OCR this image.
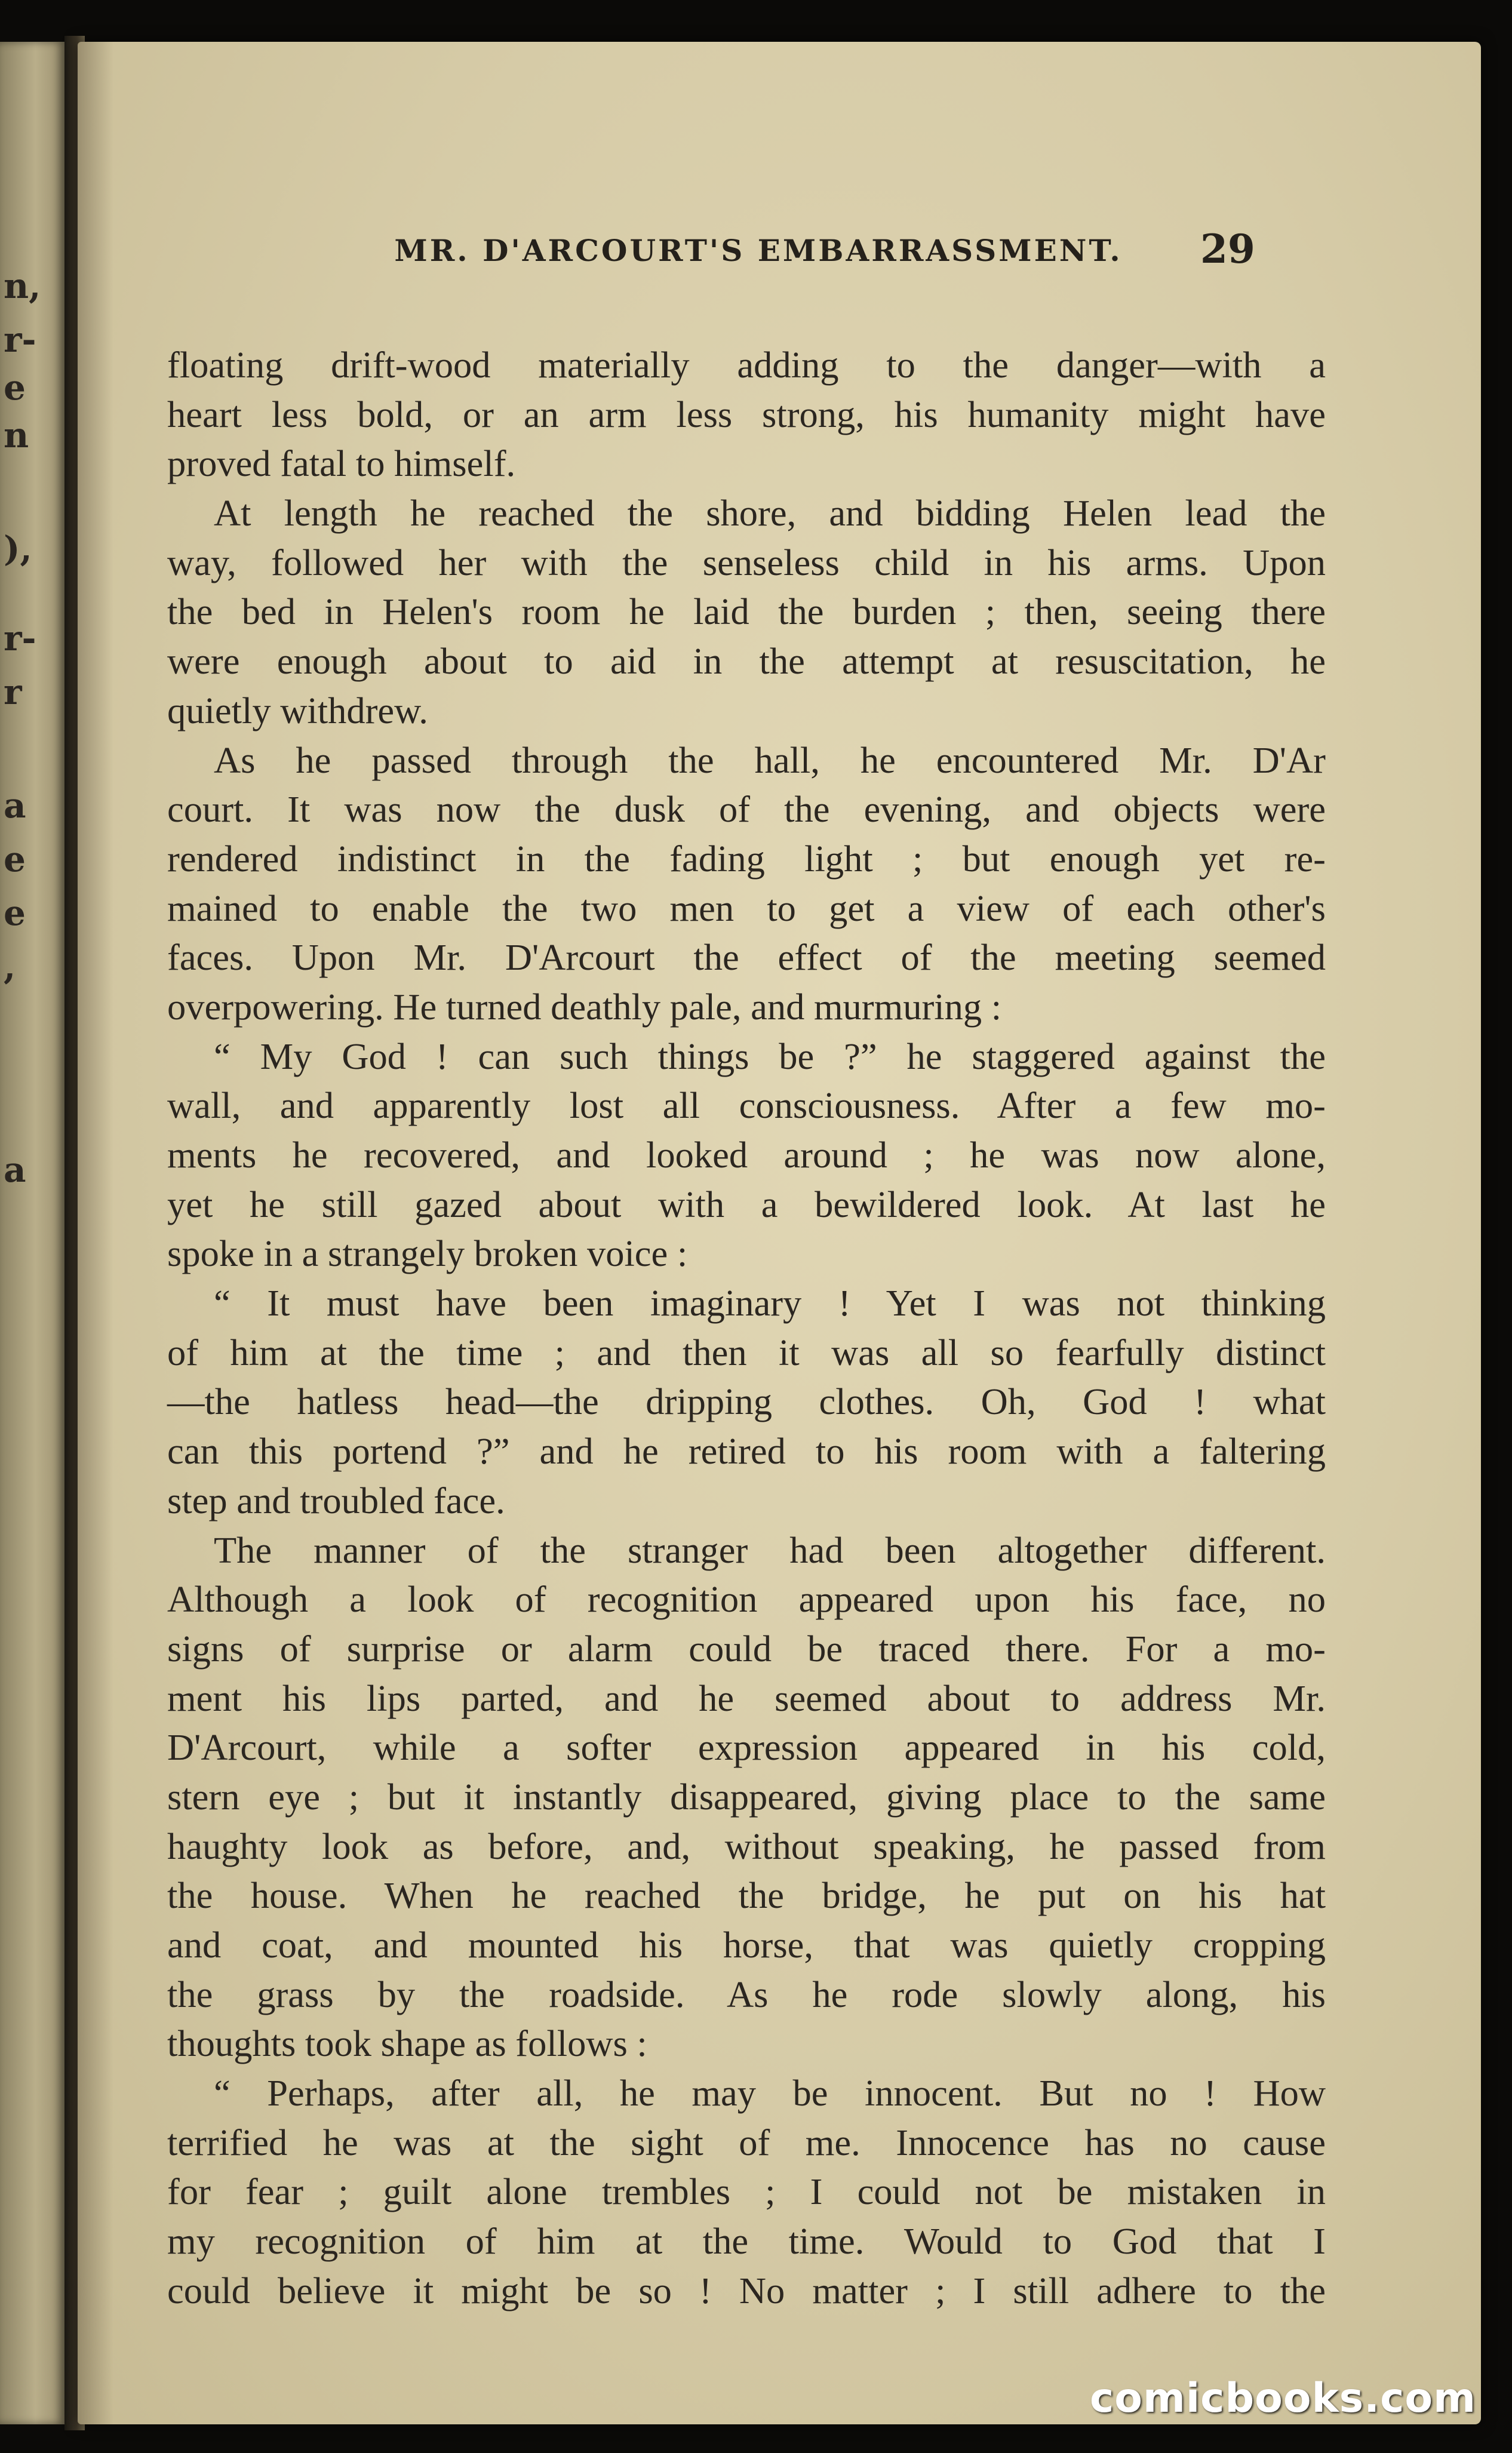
n,
r-
e
n
),
r-
r
a
e
e
,
a
MR. D'ARCOURT'S EMBARRASSMENT.	29
floating drift-wood materially adding to the danger—with a
heart less bold, or an arm less strong, his humanity might have
proved fatal to himself.
At length he reached the shore, and bidding Helen lead the
way, followed her with the senseless child in his arms. Upon
the bed in Helen's room he laid the burden ; then, seeing there
were enough about to aid in the attempt at resuscitation, he
quietly withdrew.
As he passed through the hall, he encountered Mr. D'Ar
court. It was now the dusk of the evening, and objects were
rendered indistinct in the fading light ; but enough yet re-
mained to enable the two men to get a view of each other's
faces. Upon Mr. D'Arcourt the effect of the meeting seemed
overpowering. He turned deathly pale, and murmuring :
“ My God ! can such things be ?” he staggered against the
wall, and apparently lost all consciousness. After a few mo-
ments he recovered, and looked around ; he was now alone,
yet he still gazed about with a bewildered look. At last he
spoke in a strangely broken voice :
“ It must have been imaginary ! Yet I was not thinking
of him at the time ; and then it was all so fearfully distinct
—the hatless head—the dripping clothes. Oh, God ! what
can this portend ?” and he retired to his room with a faltering
step and troubled face.
The manner of the stranger had been altogether different.
Although a look of recognition appeared upon his face, no
signs of surprise or alarm could be traced there. For a mo-
ment his lips parted, and he seemed about to address Mr.
D'Arcourt, while a softer expression appeared in his cold,
stern eye ; but it instantly disappeared, giving place to the same
haughty look as before, and, without speaking, he passed from
the house. When he reached the bridge, he put on his hat
and coat, and mounted his horse, that was quietly cropping
the grass by the roadside. As he rode slowly along, his
thoughts took shape as follows :
“ Perhaps, after all, he may be innocent. But no ! How
terrified he was at the sight of me. Innocence has no cause
for fear ; guilt alone trembles ; I could not be mistaken in
my recognition of him at the time. Would to God that I
could believe it might be so ! No matter ; I still adhere to the
comicbooks.com
